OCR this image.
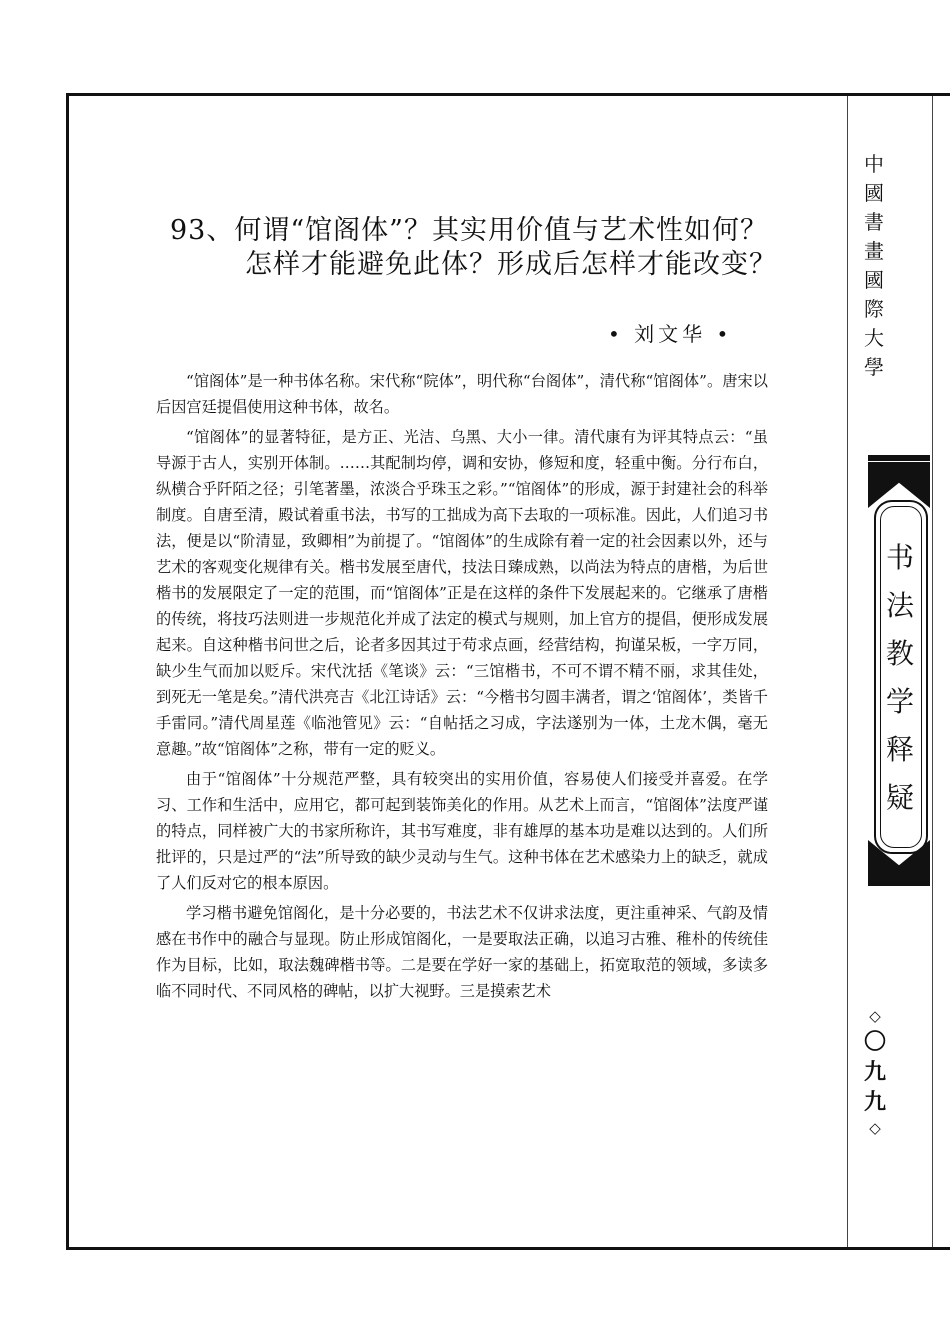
93、何谓“馆阁体”？其实用价值与艺术性如何？
怎样才能避免此体？形成后怎样才能改变？
• 刘文华 •

“馆阁体”是一种书体名称。宋代称“院体”，明代称“台阁体”，清代称“馆阁体”。唐宋以后因宫廷提倡使用这种书体，故名。

“馆阁体”的显著特征，是方正、光洁、乌黑、大小一律。清代康有为评其特点云：“虽导源于古人，实别开体制。……其配制均停，调和安协，修短和度，轻重中衡。分行布白，纵横合乎阡陌之径；引笔著墨，浓淡合乎珠玉之彩。”“馆阁体”的形成，源于封建社会的科举制度。自唐至清，殿试着重书法，书写的工拙成为高下去取的一项标准。因此，人们追习书法，便是以“阶清显，致卿相”为前提了。“馆阁体”的生成除有着一定的社会因素以外，还与艺术的客观变化规律有关。楷书发展至唐代，技法日臻成熟，以尚法为特点的唐楷，为后世楷书的发展限定了一定的范围，而“馆阁体”正是在这样的条件下发展起来的。它继承了唐楷的传统，将技巧法则进一步规范化并成了法定的模式与规则，加上官方的提倡，便形成发展起来。自这种楷书问世之后，论者多因其过于苟求点画，经营结构，拘谨呆板，一字万同，缺少生气而加以贬斥。宋代沈括《笔谈》云：“三馆楷书，不可不谓不精不丽，求其佳处，到死无一笔是矣。”清代洪亮吉《北江诗话》云：“今楷书匀圆丰满者，谓之‘馆阁体’，类皆千手雷同。”清代周星莲《临池管见》云：“自帖括之习成，字法遂别为一体，土龙木偶，毫无意趣。”故“馆阁体”之称，带有一定的贬义。

由于“馆阁体”十分规范严整，具有较突出的实用价值，容易使人们接受并喜爱。在学习、工作和生活中，应用它，都可起到装饰美化的作用。从艺术上而言，“馆阁体”法度严谨的特点，同样被广大的书家所称许，其书写难度，非有雄厚的基本功是难以达到的。人们所批评的，只是过严的“法”所导致的缺少灵动与生气。这种书体在艺术感染力上的缺乏，就成了人们反对它的根本原因。

学习楷书避免馆阁化，是十分必要的，书法艺术不仅讲求法度，更注重神采、气韵及情感在书作中的融合与显现。防止形成馆阁化，一是要取法正确，以追习古雅、稚朴的传统佳作为目标，比如，取法魏碑楷书等。二是要在学好一家的基础上，拓宽取范的领域，多读多临不同时代、不同风格的碑帖，以扩大视野。三是摸索艺术

中
國
書
畫
國
際
大
學
书
法
教
学
释
疑
◇
〇
九
九
◇
